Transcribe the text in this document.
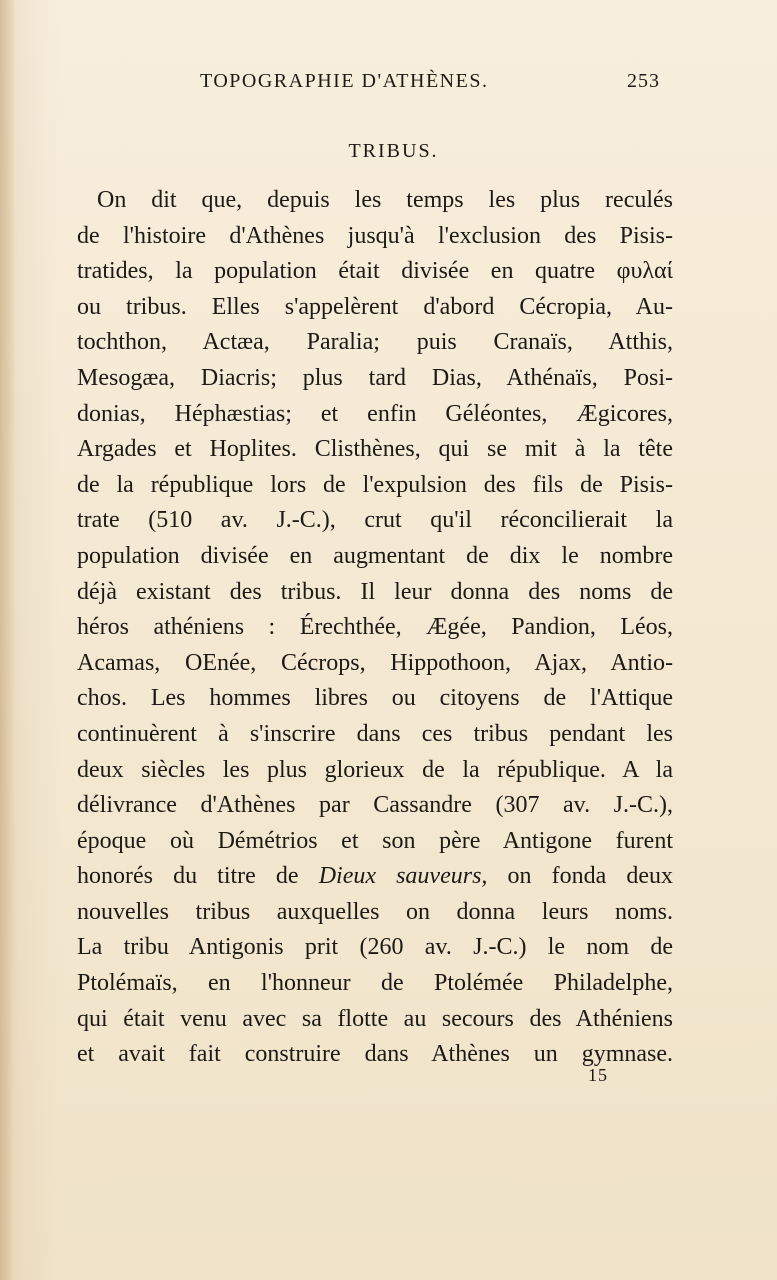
TOPOGRAPHIE D'ATHÈNES.	253
TRIBUS.
On dit que, depuis les temps les plus reculés
de l'histoire d'Athènes jusqu'à l'exclusion des Pisis-
tratides, la population était divisée en quatre φυλαί
ou tribus. Elles s'appelèrent d'abord Cécropia, Au-
tochthon, Actæa, Paralia; puis Cranaïs, Atthis,
Mesogæa, Diacris; plus tard Dias, Athénaïs, Posi-
donias, Héphæstias; et enfin Géléontes, Ægicores,
Argades et Hoplites. Clisthènes, qui se mit à la tête
de la république lors de l'expulsion des fils de Pisis-
trate (510 av. J.-C.), crut qu'il réconcilierait la
population divisée en augmentant de dix le nombre
déjà existant des tribus. Il leur donna des noms de
héros athéniens : Érechthée, Ægée, Pandion, Léos,
Acamas, OEnée, Cécrops, Hippothoon, Ajax, Antio-
chos. Les hommes libres ou citoyens de l'Attique
continuèrent à s'inscrire dans ces tribus pendant les
deux siècles les plus glorieux de la république. A la
délivrance d'Athènes par Cassandre (307 av. J.-C.),
époque où Démétrios et son père Antigone furent
honorés du titre de Dieux sauveurs, on fonda deux
nouvelles tribus auxquelles on donna leurs noms.
La tribu Antigonis prit (260 av. J.-C.) le nom de
Ptolémaïs, en l'honneur de Ptolémée Philadelphe,
qui était venu avec sa flotte au secours des Athéniens
et avait fait construire dans Athènes un gymnase.
15
